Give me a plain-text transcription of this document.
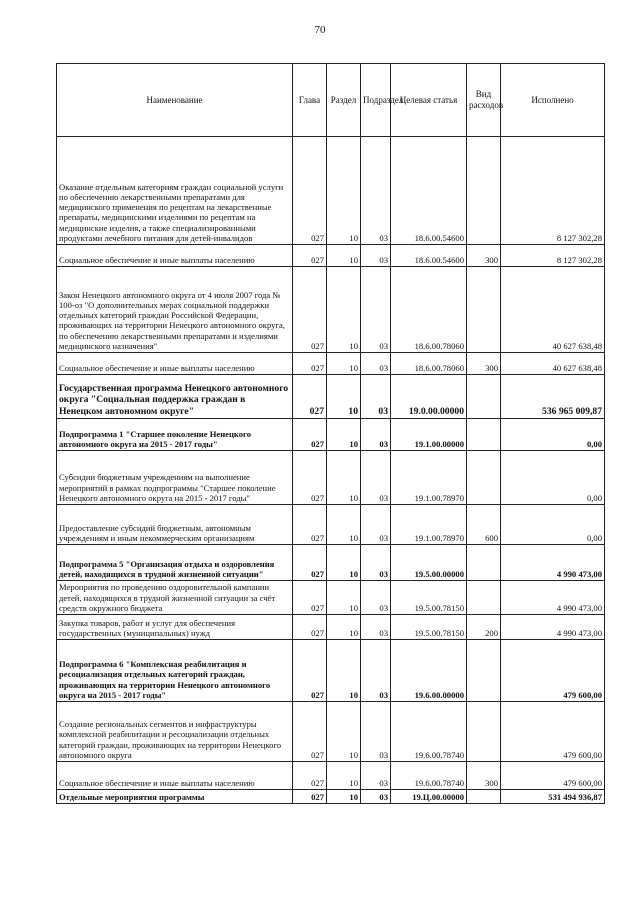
70
Наименование	Глава	Раздел	Подраздел	Целевая статья	Вид расходов	Исполнено
Оказание отдельным категориям граждан социальной услуги по обеспечению лекарственными препаратами для медицинского применения по рецептам на лекарственные препараты, медицинскими изделиями по рецептам на медицинские изделия, а также специализированными продуктами лечебного питания для детей-инвалидов	027	10	03	18.6.00.54600		8 127 302,28
Социальное обеспечение и иные выплаты населению	027	10	03	18.6.00.54600	300	8 127 302,28
Закон Ненецкого автономного округа от 4 июля 2007 года № 100-оз "О дополнительных мерах социальной поддержки отдельных категорий граждан Российской Федерации, проживающих на территории Ненецкого автономного округа, по обеспечению лекарственными препаратами и изделиями медицинского назначения"	027	10	03	18.6.00.78060		40 627 638,48
Социальное обеспечение и иные выплаты населению	027	10	03	18.6.00.78060	300	40 627 638,48
Государственная программа Ненецкого автономного округа "Социальная поддержка граждан в Ненецком автономном округе"	027	10	03	19.0.00.00000		536 965 009,87
Подпрограмма 1 "Старшее поколение Ненецкого автономного округа на 2015 - 2017 годы"	027	10	03	19.1.00.00000		0,00
Субсидии бюджетным учреждениям на выполнение мероприятий в рамках подпрограммы "Старшее поколение Ненецкого автономного округа на 2015 - 2017 годы"	027	10	03	19.1.00.78970		0,00
Предоставление субсидий бюджетным, автономным учреждениям и иным некоммерческим организациям	027	10	03	19.1.00.78970	600	0,00
Подпрограмма 5 "Организация отдыха и оздоровления детей, находящихся в трудной жизненной ситуации"	027	10	03	19.5.00.00000		4 990 473,00
Мероприятия по проведению оздоровительной кампании детей, находящихся в трудной жизненной ситуации за счёт средств окружного бюджета	027	10	03	19.5.00.78150		4 990 473,00
Закупка товаров, работ и услуг для обеспечения государственных (муниципальных) нужд	027	10	03	19.5.00.78150	200	4 990 473,00
Подпрограмма 6 "Комплексная реабилитация и ресоциализация отдельных категорий граждан, проживающих на территории Ненецкого автономного округа на 2015 - 2017 годы"	027	10	03	19.6.00.00000		479 600,00
Создание региональных сегментов и инфраструктуры комплексной реабилитации и ресоциализации отдельных категорий граждан, проживающих на территории Ненецкого автономного округа	027	10	03	19.6.00.78740		479 600,00
Социальное обеспечение и иные выплаты населению	027	10	03	19.6.00.78740	300	479 600,00
Отдельные мероприятия программы	027	10	03	19.Ц.00.00000		531 494 936,87
